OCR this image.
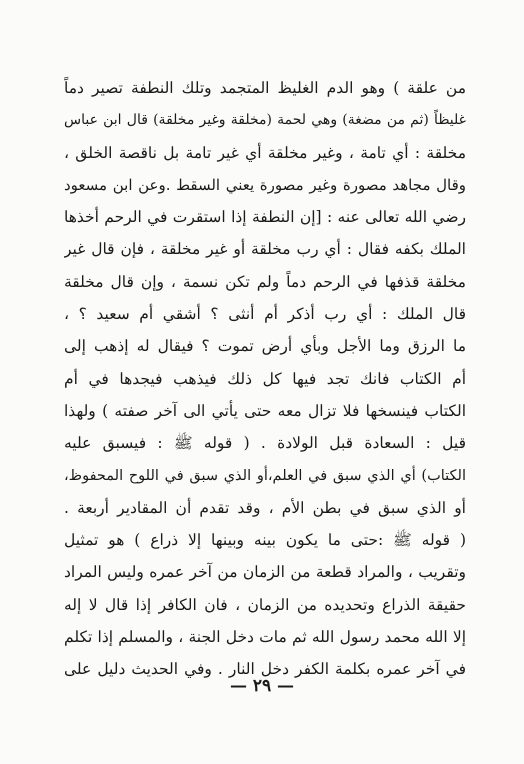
من علقة ) وهو الدم الغليظ المتجمد وتلك النطفة تصير دماً
غليظاً (ثم من مضغة) وهي لحمة (مخلقة وغير مخلقة) قال ابن عباس
مخلقة : أي تامة ، وغير مخلقة أي غير تامة بل ناقصة الخلق ،
وقال مجاهد مصورة وغير مصورة يعني السقط .وعن ابن مسعود
رضي الله تعالى عنه : [إن النطفة إذا استقرت في الرحم أخذها
الملك بكفه فقال : أي رب مخلقة أو غير مخلقة ، فإن قال غير
مخلقة قذفها في الرحم دماً ولم تكن نسمة ، وإن قال مخلقة
قال الملك : أي رب أذكر أم أنثى ؟ أشقي أم سعيد ؟ ،
ما الرزق وما الأجل وبأي أرض تموت ؟ فيقال له إذهب إلى
أم الكتاب فانك تجد فيها كل ذلك فيذهب فيجدها في أم
الكتاب فينسخها فلا تزال معه حتى يأتي الى آخر صفته ) ولهذا
قيل : السعادة قبل الولادة . ( قوله ﷺ : فيسبق عليه
الكتاب) أي الذي سبق في العلم،أو الذي سبق في اللوح المحفوظ،
أو الذي سبق في بطن الأم ، وقد تقدم أن المقادير أربعة .
( قوله ﷺ :حتى ما يكون بينه وبينها إلا ذراع ) هو تمثيل
وتقريب ، والمراد قطعة من الزمان من آخر عمره وليس المراد
حقيقة الذراع وتحديده من الزمان ، فان الكافر إذا قال لا إله
إلا الله محمد رسول الله ثم مات دخل الجنة ، والمسلم إذا تكلم
في آخر عمره بكلمة الكفر دخل النار . وفي الحديث دليل على
— ٢٩ —
